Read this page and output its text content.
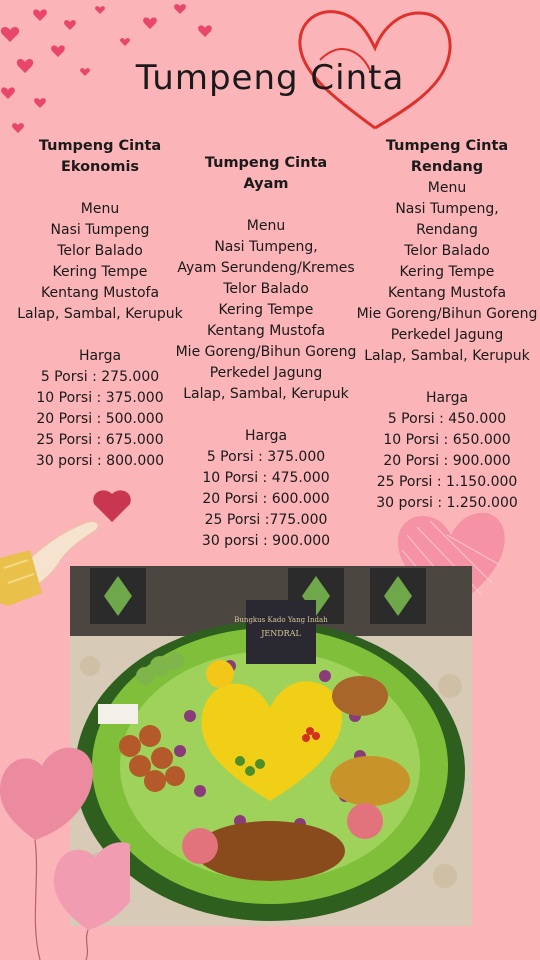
Tumpeng Cinta
Tumpeng Cinta
Ekonomis
Menu
Nasi Tumpeng
Telor Balado
Kering Tempe
Kentang Mustofa
Lalap, Sambal, Kerupuk
Harga
5 Porsi : 275.000
10 Porsi : 375.000
20 Porsi : 500.000
25 Porsi : 675.000
30 porsi : 800.000
Tumpeng Cinta
Ayam
Menu
Nasi Tumpeng,
Ayam Serundeng/Kremes
Telor Balado
Kering Tempe
Kentang Mustofa
Mie Goreng/Bihun Goreng
Perkedel Jagung
Lalap, Sambal, Kerupuk
Harga
5 Porsi : 375.000
10 Porsi : 475.000
20 Porsi : 600.000
25 Porsi :775.000
30 porsi : 900.000
Tumpeng Cinta
Rendang
Menu
Nasi Tumpeng,
Rendang
Telor Balado
Kering Tempe
Kentang Mustofa
Mie Goreng/Bihun Goreng
Perkedel Jagung
Lalap, Sambal, Kerupuk
Harga
5 Porsi : 450.000
10 Porsi : 650.000
20 Porsi : 900.000
25 Porsi : 1.150.000
30 porsi : 1.250.000
Bungkus Kado Yang Indah
JENDRAL
